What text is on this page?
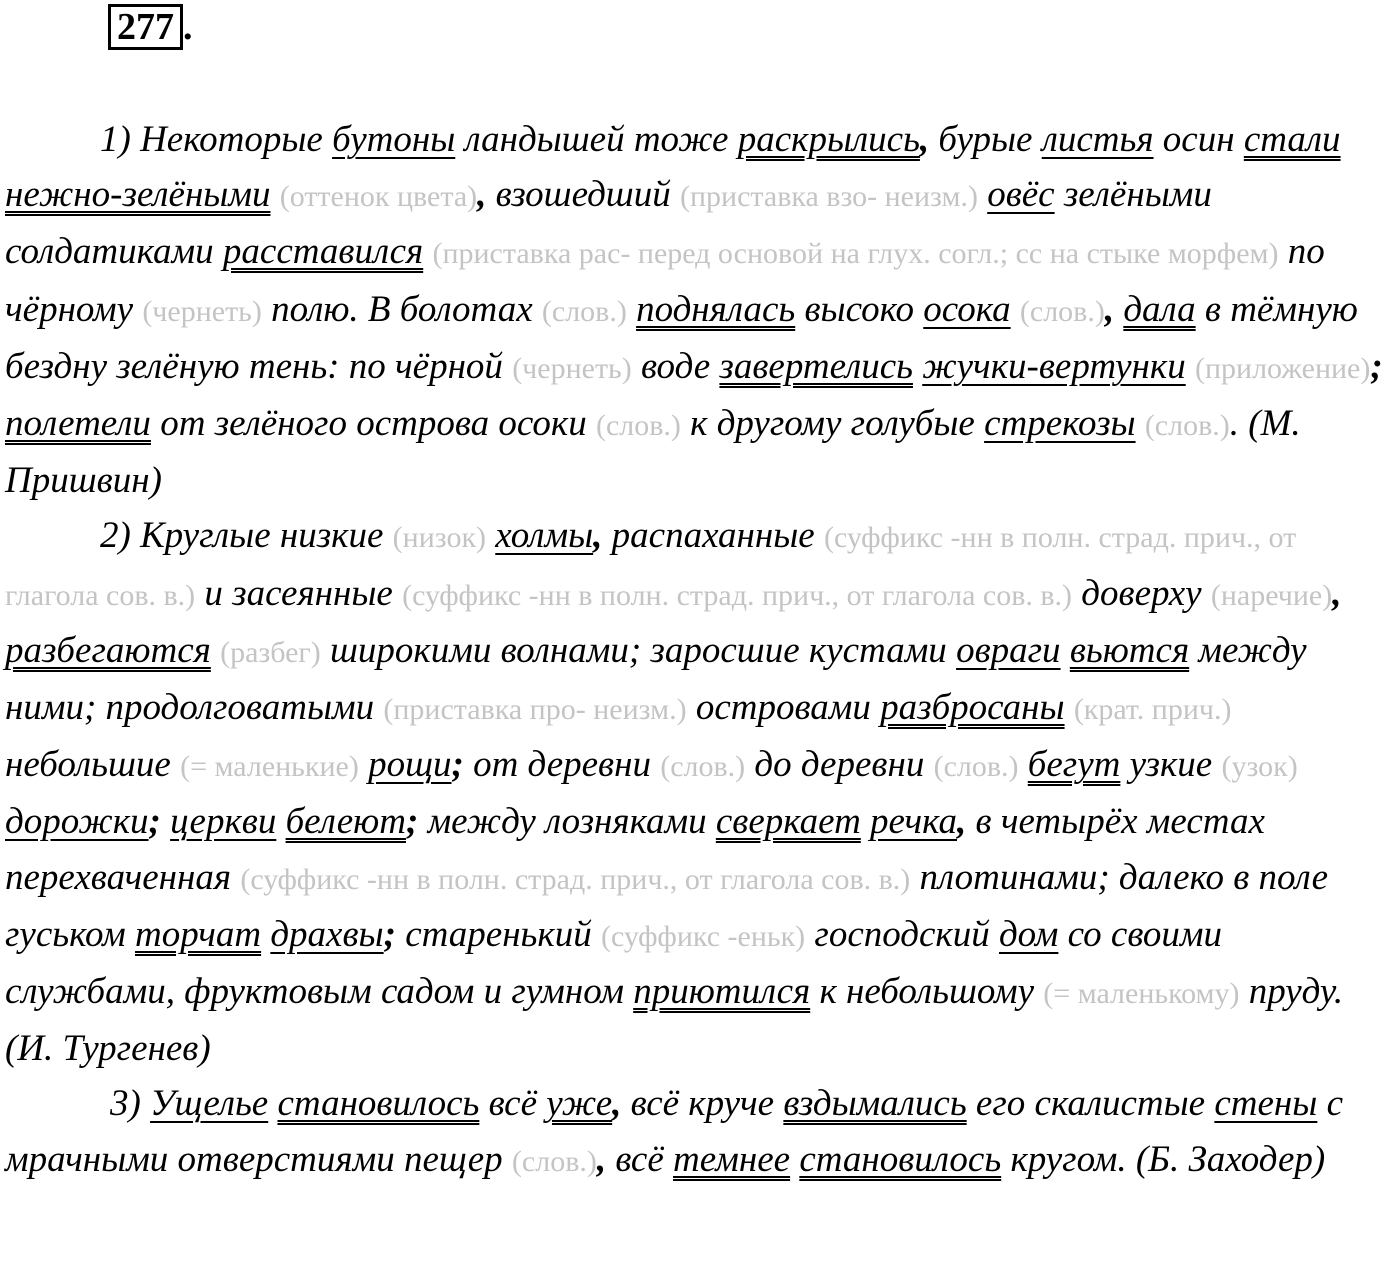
277 .

1) Некоторые бутоны ландышей тоже раскрылись, бурые листья осин стали нежно-зелёными (оттенок цвета), взошедший (приставка взо- неизм.) овёс зелёными солдатиками расставился (приставка рас- перед основой на глух. согл.; сс на стыке морфем) по чёрному (чернеть) полю. В болотах (слов.) поднялась высоко осока (слов.), дала в тёмную бездну зелёную тень: по чёрной (чернеть) воде завертелись жучки-вертунки (приложение); полетели от зелёного острова осоки (слов.) к другому голубые стрекозы (слов.). (М. Пришвин)

2) Круглые низкие (низок) холмы, распаханные (суффикс -нн в полн. страд. прич., от глагола сов. в.) и засеянные (суффикс -нн в полн. страд. прич., от глагола сов. в.) доверху (наречие), разбегаются (разбег) широкими волнами; заросшие кустами овраги вьются между ними; продолговатыми (приставка про- неизм.) островами разбросаны (крат. прич.) небольшие (= маленькие) рощи; от деревни (слов.) до деревни (слов.) бегут узкие (узок) дорожки; церкви белеют; между лозняками сверкает речка, в четырёх местах перехваченная (суффикс -нн в полн. страд. прич., от глагола сов. в.) плотинами; далеко в поле гуськом торчат драхвы; старенький (суффикс -еньк) господский дом со своими службами, фруктовым садом и гумном приютился к небольшому (= маленькому) пруду. (И. Тургенев)

3) Ущелье становилось всё уже, всё круче вздымались его скалистые стены с мрачными отверстиями пещер (слов.), всё темнее становилось кругом. (Б. Заходер)
